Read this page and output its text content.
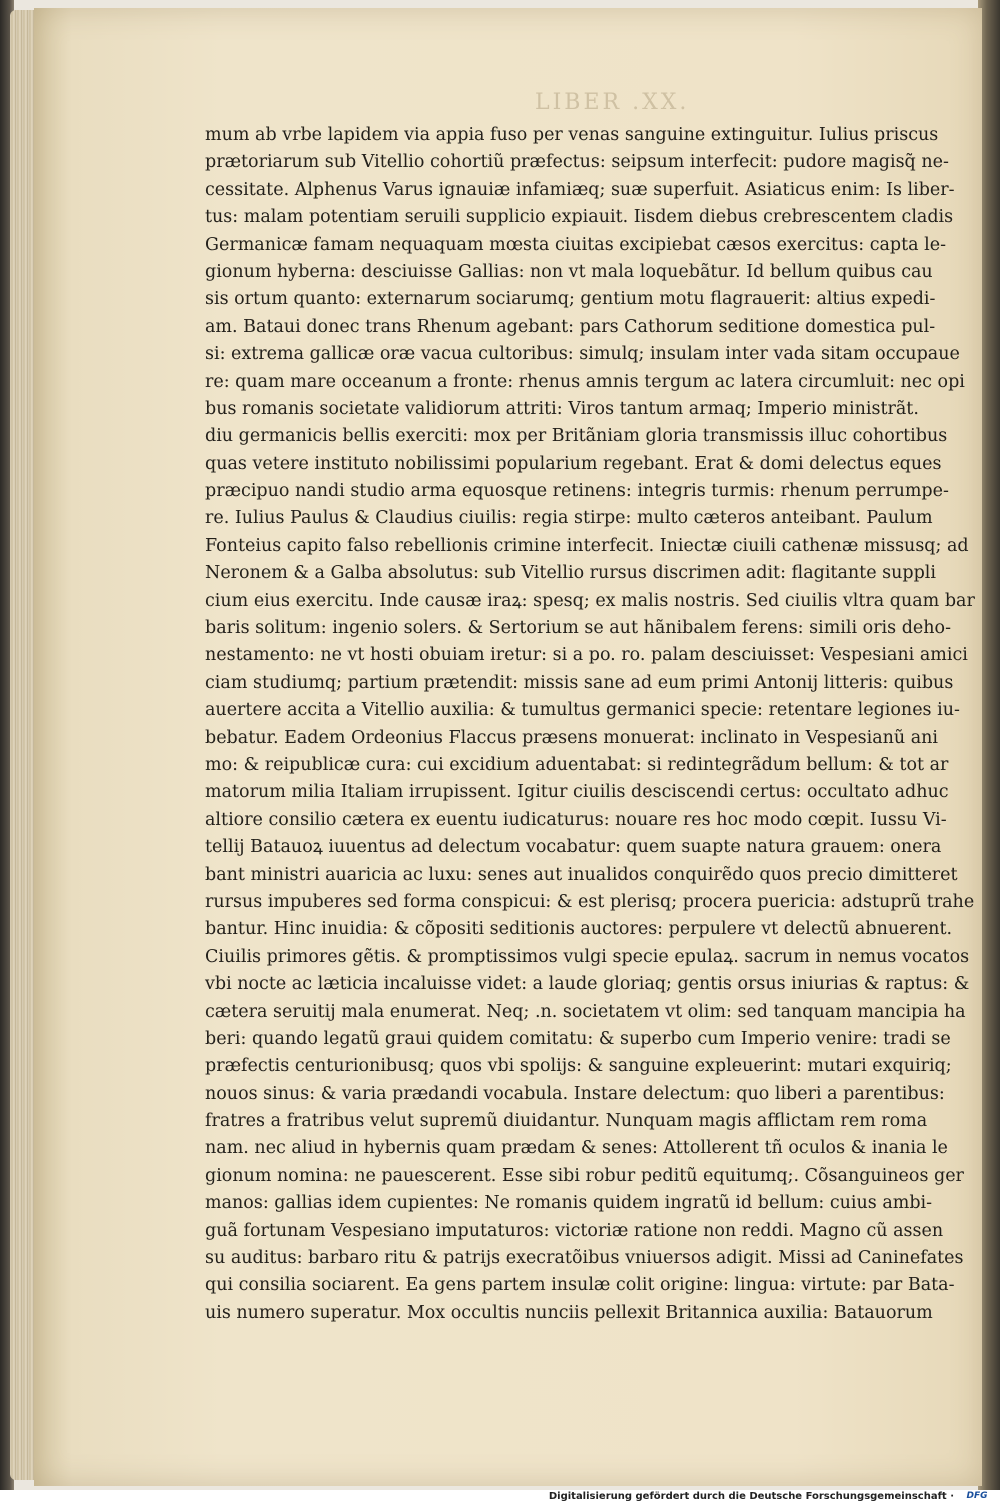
LIBER .XX.
mum ab vrbe lapidem via appia fuso per venas sanguine extinguitur. Iulius priscus
prætoriarum sub Vitellio cohortiũ præfectus: seipsum interfecit: pudore magisq̃ ne-
cessitate. Alphenus Varus ignauiæ infamiæq; suæ superfuit. Asiaticus enim: Is liber-
tus: malam potentiam seruili supplicio expiauit. Iisdem diebus crebrescentem cladis
Germanicæ famam nequaquam mœsta ciuitas excipiebat cæsos exercitus: capta le-
gionum hyberna: desciuisse Gallias: non vt mala loquebãtur. Id bellum quibus cau
sis ortum quanto: externarum sociarumq; gentium motu flagrauerit: altius expedi-
am. Bataui donec trans Rhenum agebant: pars Cathorum seditione domestica pul-
si: extrema gallicæ oræ vacua cultoribus: simulq; insulam inter vada sitam occupaue
re: quam mare occeanum a fronte: rhenus amnis tergum ac latera circumluit: nec opi
bus romanis societate validiorum attriti: Viros tantum armaq; Imperio ministrãt.
diu germanicis bellis exerciti: mox per Britãniam gloria transmissis illuc cohortibus
quas vetere instituto nobilissimi popularium regebant. Erat & domi delectus eques
præcipuo nandi studio arma equosque retinens: integris turmis: rhenum perrumpe-
re. Iulius Paulus & Claudius ciuilis: regia stirpe: multo cæteros anteibant. Paulum
Fonteius capito falso rebellionis crimine interfecit. Iniectæ ciuili cathenæ missusq; ad
Neronem & a Galba absolutus: sub Vitellio rursus discrimen adit: flagitante suppli
cium eius exercitu. Inde causæ iraꝝ: spesq; ex malis nostris. Sed ciuilis vltra quam bar
baris solitum: ingenio solers. & Sertorium se aut hãnibalem ferens: simili oris deho-
nestamento: ne vt hosti obuiam iretur: si a po. ro. palam desciuisset: Vespesiani amici
ciam studiumq; partium prætendit: missis sane ad eum primi Antonij litteris: quibus
auertere accita a Vitellio auxilia: & tumultus germanici specie: retentare legiones iu-
bebatur. Eadem Ordeonius Flaccus præsens monuerat: inclinato in Vespesianũ ani
mo: & reipublicæ cura: cui excidium aduentabat: si redintegrãdum bellum: & tot ar
matorum milia Italiam irrupissent. Igitur ciuilis desciscendi certus: occultato adhuc
altiore consilio cætera ex euentu iudicaturus: nouare res hoc modo cœpit. Iussu Vi-
tellij Batauoꝝ iuuentus ad delectum vocabatur: quem suapte natura grauem: onera
bant ministri auaricia ac luxu: senes aut inualidos conquirẽdo quos precio dimitteret
rursus impuberes sed forma conspicui: & est plerisq; procera puericia: adstuprũ trahe
bantur. Hinc inuidia: & cõpositi seditionis auctores: perpulere vt delectũ abnuerent.
Ciuilis primores gẽtis. & promptissimos vulgi specie epulaꝝ. sacrum in nemus vocatos
vbi nocte ac læticia incaluisse videt: a laude gloriaq; gentis orsus iniurias & raptus: &
cætera seruitij mala enumerat. Neq; .n. societatem vt olim: sed tanquam mancipia ha
beri: quando legatũ graui quidem comitatu: & superbo cum Imperio venire: tradi se
præfectis centurionibusq; quos vbi spolijs: & sanguine expleuerint: mutari exquiriq;
nouos sinus: & varia prædandi vocabula. Instare delectum: quo liberi a parentibus:
fratres a fratribus velut supremũ diuidantur. Nunquam magis afflictam rem roma
nam. nec aliud in hybernis quam prædam & senes: Attollerent tñ oculos & inania le
gionum nomina: ne pauescerent. Esse sibi robur peditũ equitumq;. Cõsanguineos ger
manos: gallias idem cupientes: Ne romanis quidem ingratũ id bellum: cuius ambi-
guã fortunam Vespesiano imputaturos: victoriæ ratione non reddi. Magno cũ assen
su auditus: barbaro ritu & patrijs execratõibus vniuersos adigit. Missi ad Caninefates
qui consilia sociarent. Ea gens partem insulæ colit origine: lingua: virtute: par Bata-
uis numero superatur. Mox occultis nunciis pellexit Britannica auxilia: Batauorum
Digitalisierung gefördert durch die Deutsche Forschungsgemeinschaft ·	DFG
